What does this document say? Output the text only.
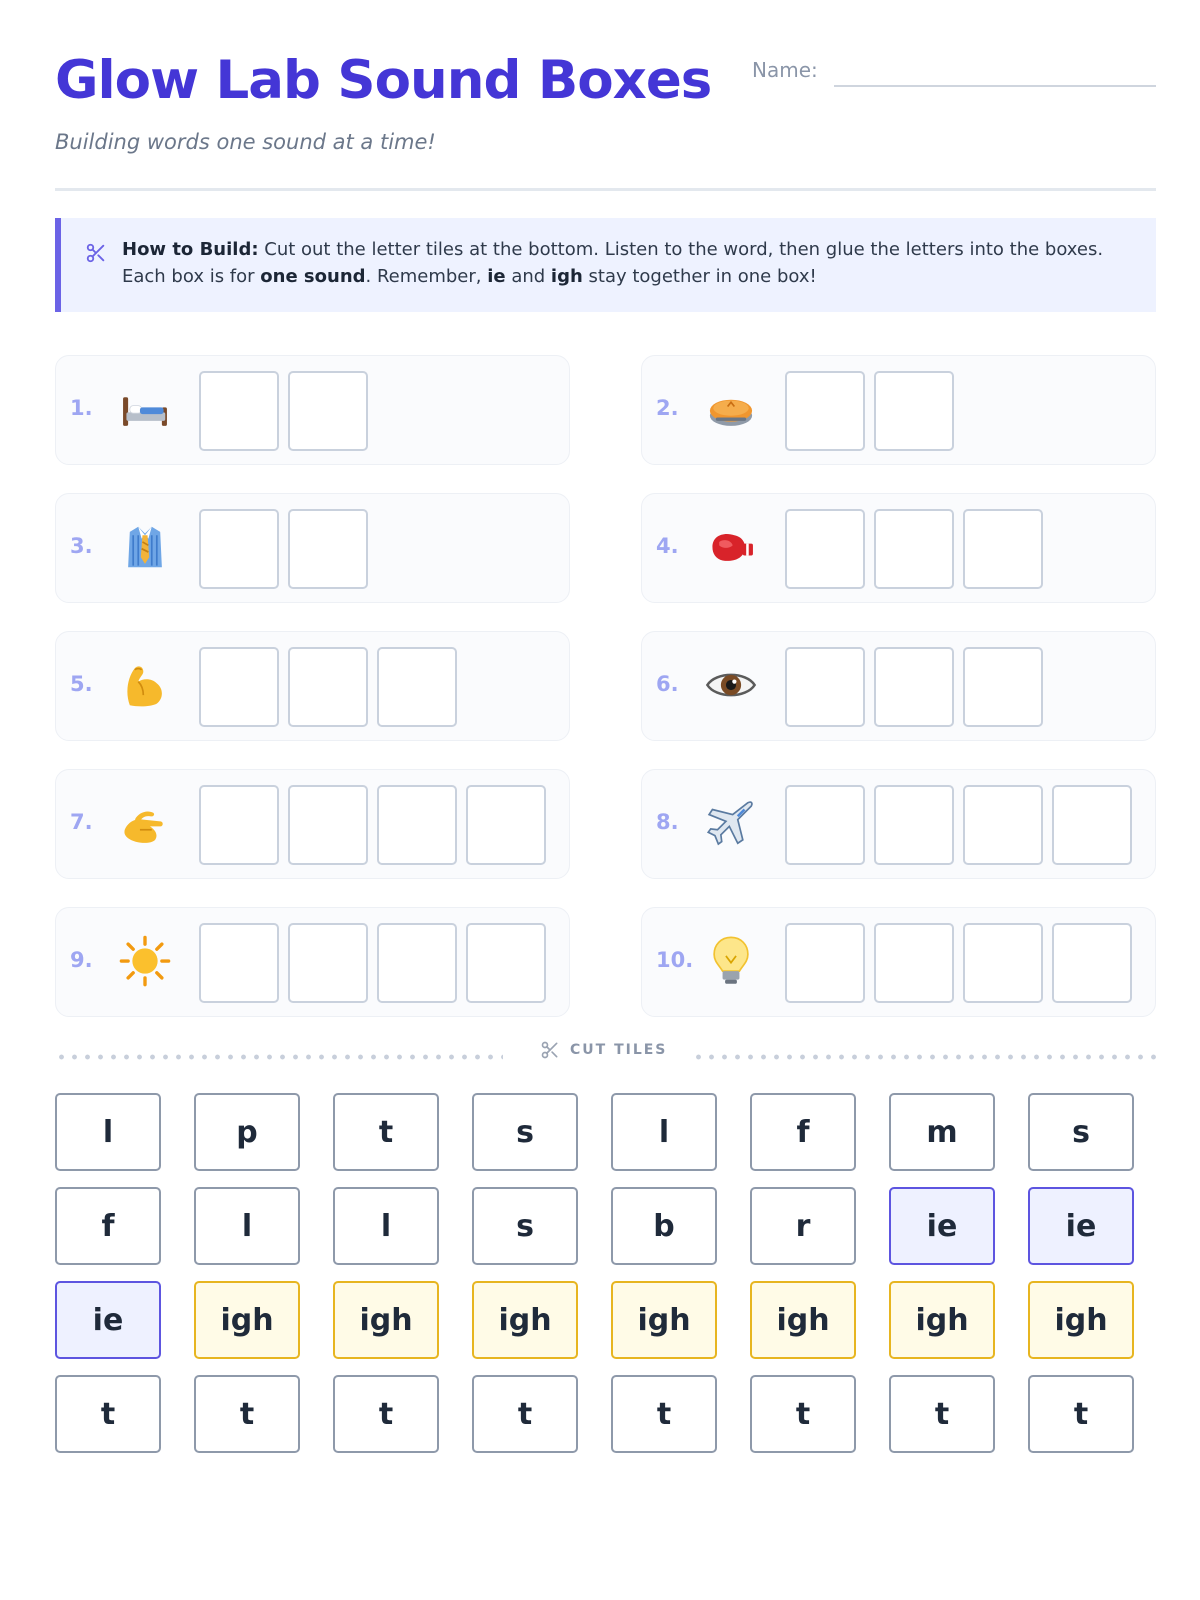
Glow Lab Sound Boxes
Building words one sound at a time!
Name:
How to Build: Cut out the letter tiles at the bottom. Listen to the word, then glue the letters into the boxes. Each box is for one sound. Remember, ie and igh stay together in one box!
1.	2.
3.	4.
5.	6.
7.	8.
9.	10.
CUT TILES
l	p	t	s	l	f	m	s
f	l	l	s	b	r	ie	ie
ie	igh	igh	igh	igh	igh	igh	igh
t	t	t	t	t	t	t	t
